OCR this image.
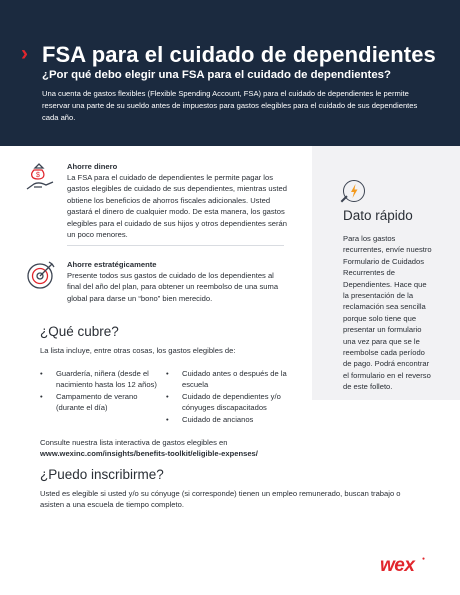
› FSA para el cuidado de dependientes
¿Por qué debo elegir una FSA para el cuidado de dependientes?
Una cuenta de gastos flexibles (Flexible Spending Account, FSA) para el cuidado de dependientes le permite reservar una parte de su sueldo antes de impuestos para gastos elegibles para el cuidado de sus dependientes cada año.
Dato rápido
Para los gastos recurrentes, envíe nuestro Formulario de Cuidados Recurrentes de Dependientes. Hace que la presentación de la reclamación sea sencilla porque solo tiene que presentar un formulario una vez para que se le reembolse cada período de pago. Podrá encontrar el formulario en el reverso de este folleto.
$
Ahorre dinero
La FSA para el cuidado de dependientes le permite pagar los gastos elegibles de cuidado de sus dependientes, mientras usted obtiene los beneficios de ahorros fiscales adicionales. Usted gastará el dinero de cualquier modo. De esta manera, los gastos elegibles para el cuidado de sus hijos y otros dependientes serán un poco menores.
Ahorre estratégicamente
Presente todos sus gastos de cuidado de los dependientes al final del año del plan, para obtener un reembolso de una suma global para darse un “bono” bien merecido.
¿Qué cubre?
La lista incluye, entre otras cosas, los gastos elegibles de:
• Guardería, niñera (desde el nacimiento hasta los 12 años)
• Campamento de verano (durante el día)
• Cuidado antes o después de la escuela
• Cuidado de dependientes y/o cónyuges discapacitados
• Cuidado de ancianos
Consulte nuestra lista interactiva de gastos elegibles en
www.wexinc.com/insights/benefits-toolkit/eligible-expenses/
¿Puedo inscribirme?
Usted es elegible si usted y/o su cónyuge (si corresponde) tienen un empleo remunerado, buscan trabajo o asisten a una escuela de tiempo completo.
wex ●
